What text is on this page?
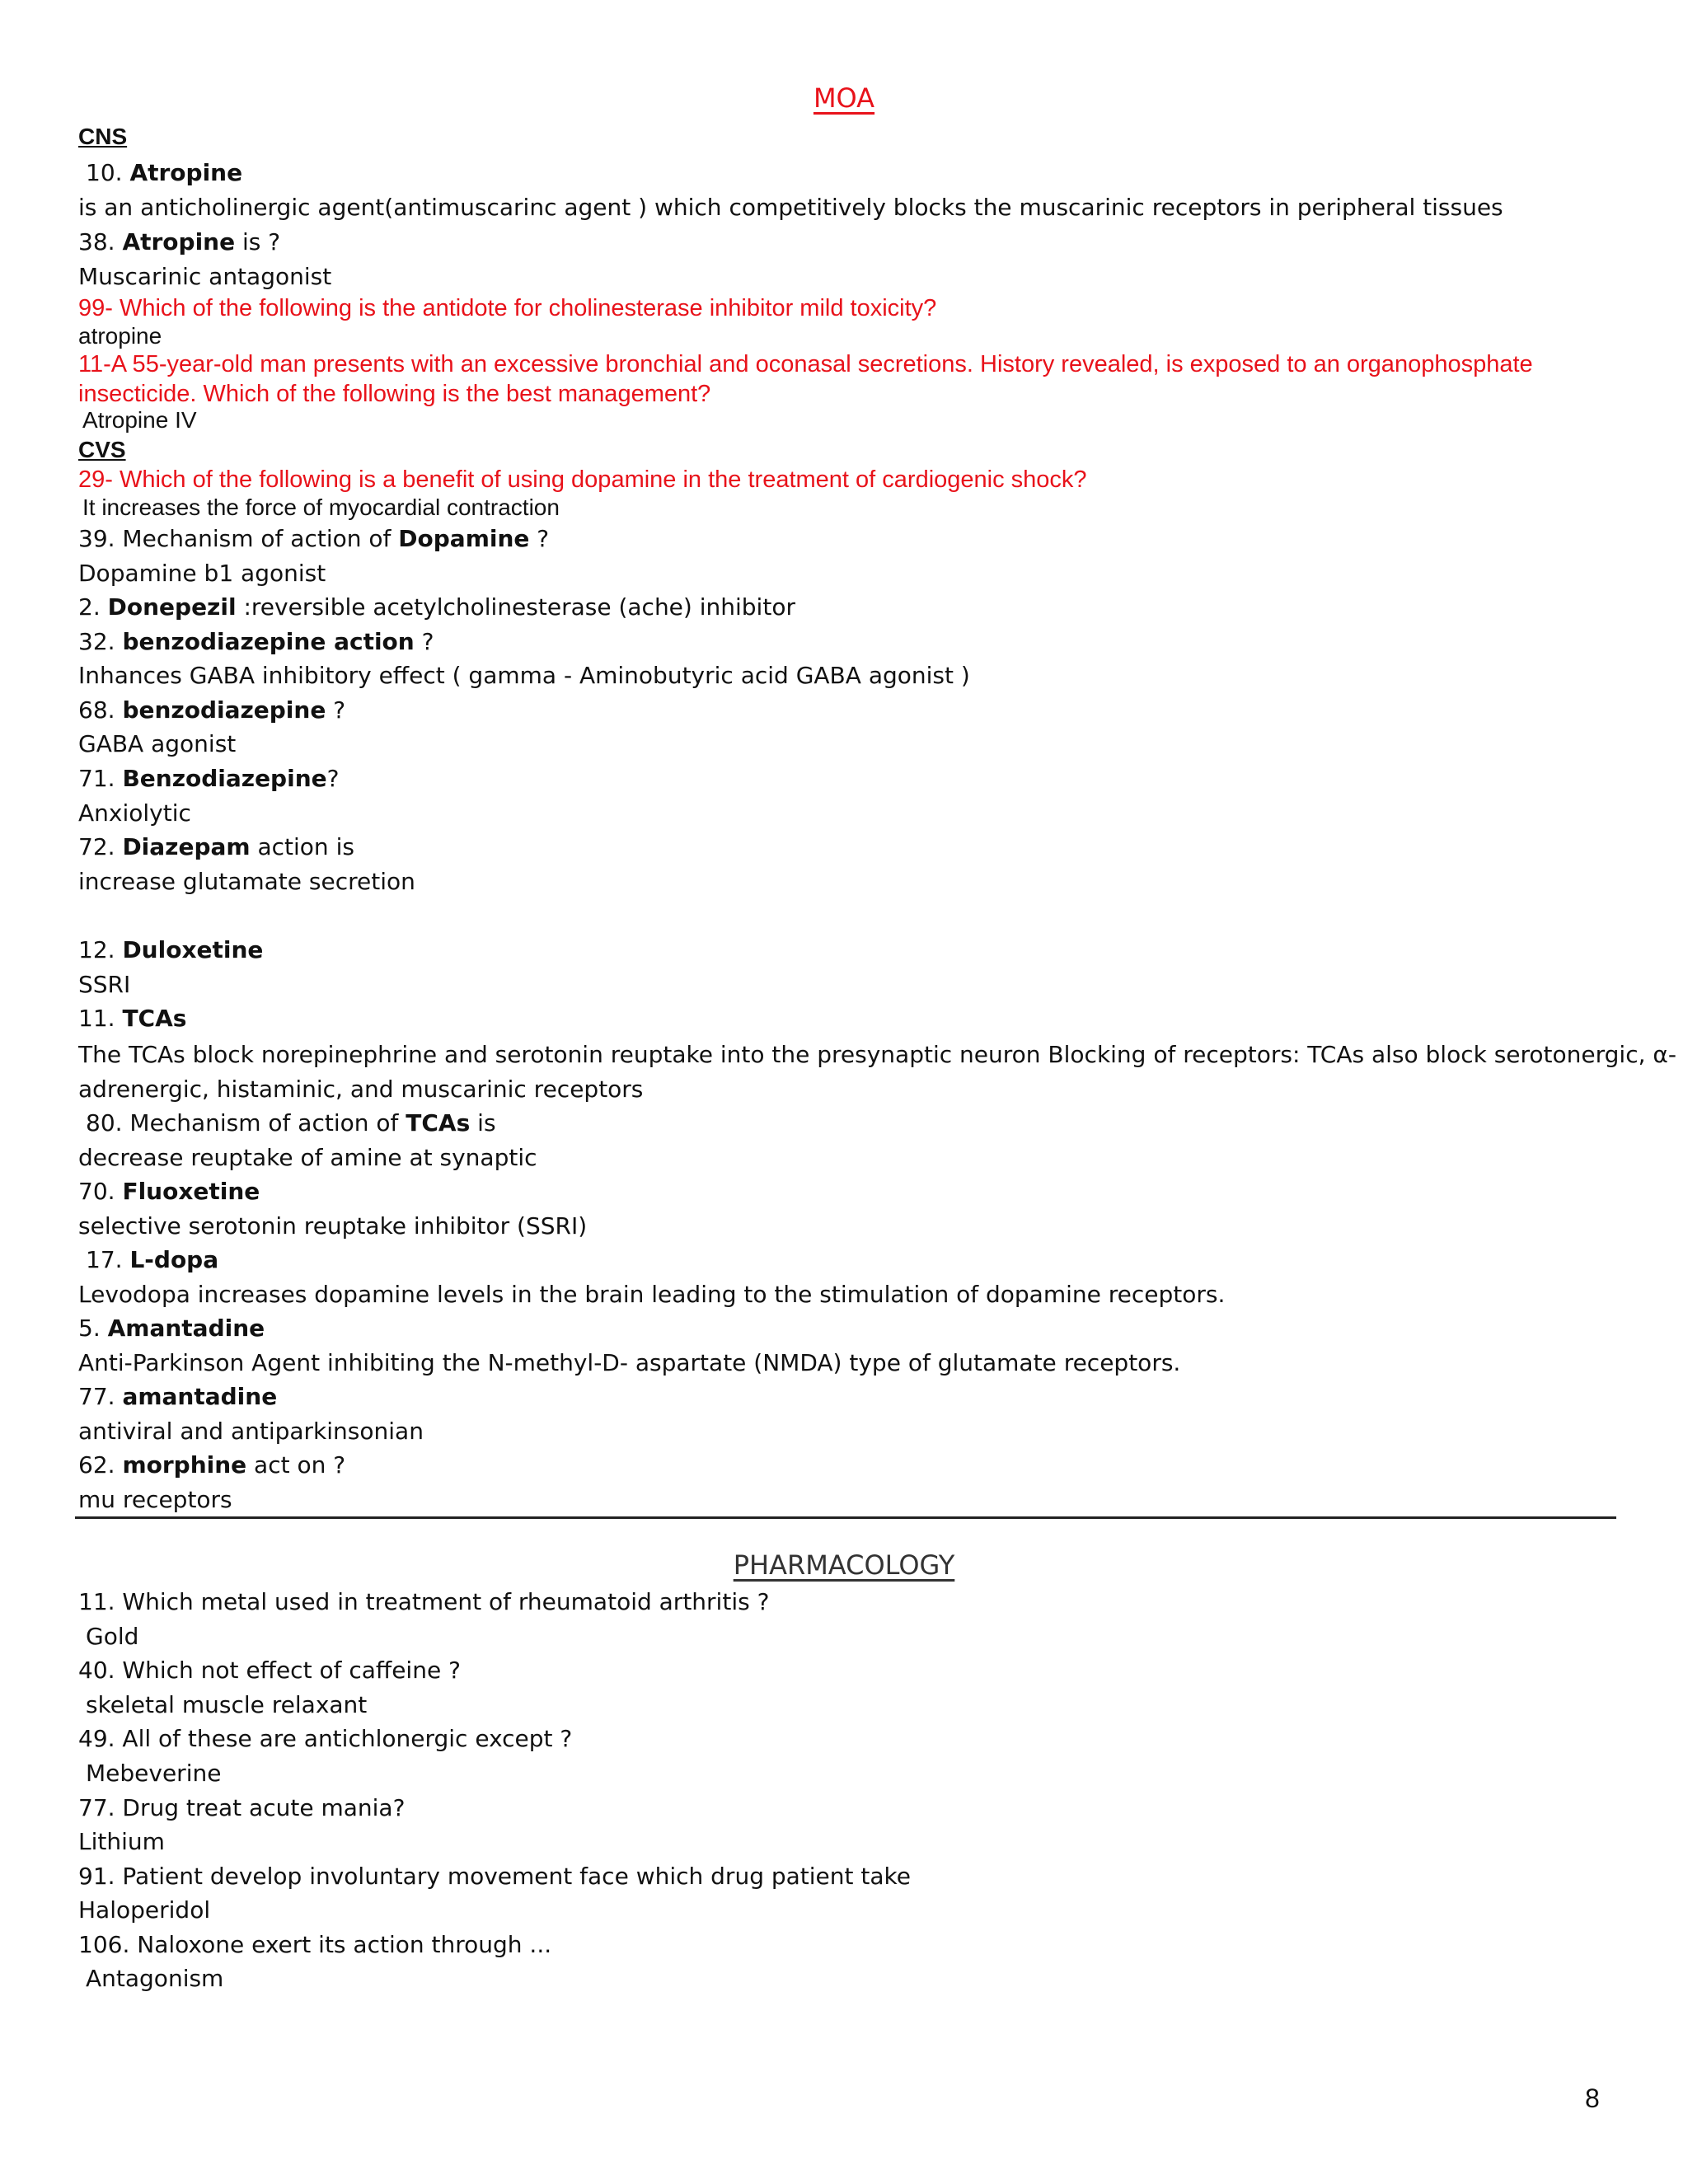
MOA
CNS
10. Atropine
is an anticholinergic agent(antimuscarinc agent ) which competitively blocks the muscarinic receptors in peripheral tissues
38. Atropine is ?
Muscarinic antagonist
99- Which of the following is the antidote for cholinesterase inhibitor mild toxicity?
atropine
11-A 55-year-old man presents with an excessive bronchial and oconasal secretions. History revealed, is exposed to an organophosphate insecticide. Which of the following is the best management?
Atropine IV
CVS
29- Which of the following is a benefit of using dopamine in the treatment of cardiogenic shock?
It increases the force of myocardial contraction
39. Mechanism of action of Dopamine ?
Dopamine b1 agonist
2. Donepezil :reversible acetylcholinesterase (ache) inhibitor
32. benzodiazepine action ?
Inhances GABA inhibitory effect ( gamma - Aminobutyric acid GABA agonist )
68. benzodiazepine ?
GABA agonist
71. Benzodiazepine?
Anxiolytic
72. Diazepam action is
increase glutamate secretion
12. Duloxetine
SSRI
11. TCAs
The TCAs block norepinephrine and serotonin reuptake into the presynaptic neuron Blocking of receptors: TCAs also block serotonergic, α-
adrenergic, histaminic, and muscarinic receptors
80. Mechanism of action of TCAs is
decrease reuptake of amine at synaptic
70. Fluoxetine
selective serotonin reuptake inhibitor (SSRI)
17. L-dopa
Levodopa increases dopamine levels in the brain leading to the stimulation of dopamine receptors.
5. Amantadine
Anti-Parkinson Agent inhibiting the N-methyl-D- aspartate (NMDA) type of glutamate receptors.
77. amantadine
antiviral and antiparkinsonian
62. morphine act on ?
mu receptors
PHARMACOLOGY
11. Which metal used in treatment of rheumatoid arthritis ?
Gold
40. Which not effect of caffeine ?
skeletal muscle relaxant
49. All of these are antichlonergic except ?
Mebeverine
77. Drug treat acute mania?
Lithium
91. Patient develop involuntary movement face which drug patient take
Haloperidol
106. Naloxone exert its action through ...
Antagonism
8
